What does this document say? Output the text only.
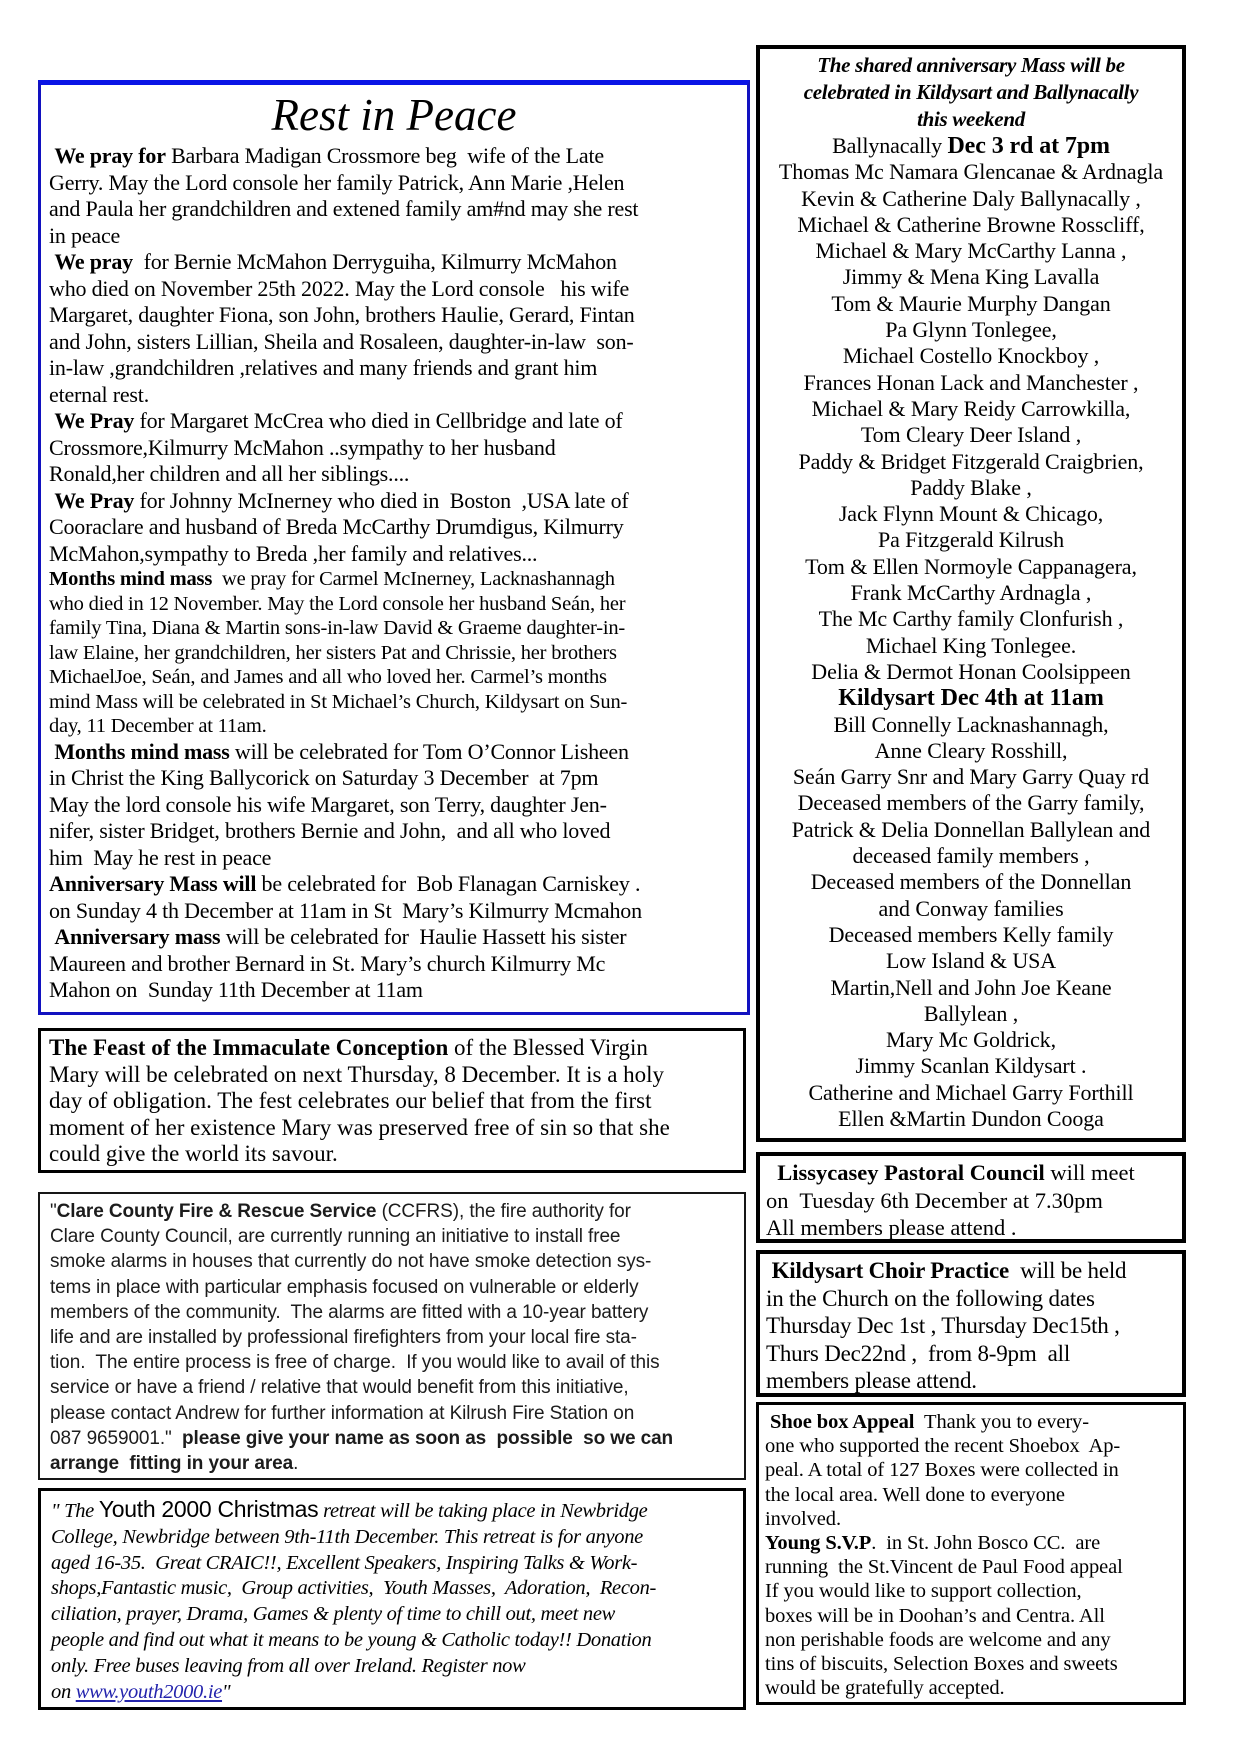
Rest in Peace
We pray for Barbara Madigan Crossmore beg  wife of the Late
Gerry. May the Lord console her family Patrick, Ann Marie ,Helen
and Paula her grandchildren and extened family am#nd may she rest
in peace
We pray  for Bernie McMahon Derryguiha, Kilmurry McMahon
who died on November 25th 2022. May the Lord console   his wife
Margaret, daughter Fiona, son John, brothers Haulie, Gerard, Fintan
and John, sisters Lillian, Sheila and Rosaleen, daughter-in-law  son-
in-law ,grandchildren ,relatives and many friends and grant him
eternal rest.
We Pray for Margaret McCrea who died in Cellbridge and late of
Crossmore,Kilmurry McMahon ..sympathy to her husband
Ronald,her children and all her siblings....
We Pray for Johnny McInerney who died in  Boston  ,USA late of
Cooraclare and husband of Breda McCarthy Drumdigus, Kilmurry
McMahon,sympathy to Breda ,her family and relatives...
Months mind mass  we pray for Carmel McInerney, Lacknashannagh
who died in 12 November. May the Lord console her husband Seán, her
family Tina, Diana & Martin sons-in-law David & Graeme daughter-in-
law Elaine, her grandchildren, her sisters Pat and Chrissie, her brothers
MichaelJoe, Seán, and James and all who loved her. Carmel’s months
mind Mass will be celebrated in St Michael’s Church, Kildysart on Sun-
day, 11 December at 11am.
Months mind mass will be celebrated for Tom O’Connor Lisheen
in Christ the King Ballycorick on Saturday 3 December  at 7pm
May the lord console his wife Margaret, son Terry, daughter Jen-
nifer, sister Bridget, brothers Bernie and John,  and all who loved
him  May he rest in peace
Anniversary Mass will be celebrated for  Bob Flanagan Carniskey .
on Sunday 4 th December at 11am in St  Mary’s Kilmurry Mcmahon
Anniversary mass will be celebrated for  Haulie Hassett his sister
Maureen and brother Bernard in St. Mary’s church Kilmurry Mc
Mahon on  Sunday 11th December at 11am
The Feast of the Immaculate Conception of the Blessed Virgin
Mary will be celebrated on next Thursday, 8 December. It is a holy
day of obligation. The fest celebrates our belief that from the first
moment of her existence Mary was preserved free of sin so that she
could give the world its savour.
"Clare County Fire & Rescue Service (CCFRS), the fire authority for
Clare County Council, are currently running an initiative to install free
smoke alarms in houses that currently do not have smoke detection sys-
tems in place with particular emphasis focused on vulnerable or elderly
members of the community.  The alarms are fitted with a 10-year battery
life and are installed by professional firefighters from your local fire sta-
tion.  The entire process is free of charge.  If you would like to avail of this
service or have a friend / relative that would benefit from this initiative,
please contact Andrew for further information at Kilrush Fire Station on
087 9659001."  please give your name as soon as  possible  so we can
arrange  fitting in your area.
" The Youth 2000 Christmas retreat will be taking place in Newbridge
College, Newbridge between 9th-11th December. This retreat is for anyone
aged 16-35.  Great CRAIC!!, Excellent Speakers, Inspiring Talks & Work-
shops,Fantastic music,  Group activities,  Youth Masses,  Adoration,  Recon-
ciliation, prayer, Drama, Games & plenty of time to chill out, meet new
people and find out what it means to be young & Catholic today!! Donation
only. Free buses leaving from all over Ireland. Register now
on www.youth2000.ie"
The shared anniversary Mass will be
celebrated in Kildysart and Ballynacally
this weekend
Ballynacally Dec 3 rd at 7pm
Thomas Mc Namara Glencanae & Ardnagla
Kevin & Catherine Daly Ballynacally ,
Michael & Catherine Browne Rosscliff,
Michael & Mary McCarthy Lanna ,
Jimmy & Mena King Lavalla
Tom & Maurie Murphy Dangan
Pa Glynn Tonlegee,
Michael Costello Knockboy ,
Frances Honan Lack and Manchester ,
Michael & Mary Reidy Carrowkilla,
Tom Cleary Deer Island ,
Paddy & Bridget Fitzgerald Craigbrien,
Paddy Blake ,
Jack Flynn Mount & Chicago,
Pa Fitzgerald Kilrush
Tom & Ellen Normoyle Cappanagera,
Frank McCarthy Ardnagla ,
The Mc Carthy family Clonfurish ,
Michael King Tonlegee.
Delia & Dermot Honan Coolsippeen
Kildysart Dec 4th at 11am
Bill Connelly Lacknashannagh,
Anne Cleary Rosshill,
Seán Garry Snr and Mary Garry Quay rd
Deceased members of the Garry family,
Patrick & Delia Donnellan Ballylean and
deceased family members ,
Deceased members of the Donnellan
and Conway families
Deceased members Kelly family
Low Island & USA
Martin,Nell and John Joe Keane
Ballylean ,
Mary Mc Goldrick,
Jimmy Scanlan Kildysart .
Catherine and Michael Garry Forthill
Ellen &Martin Dundon Cooga
Lissycasey Pastoral Council will meet
on  Tuesday 6th December at 7.30pm
All members please attend .
Kildysart Choir Practice  will be held
in the Church on the following dates
Thursday Dec 1st , Thursday Dec15th ,
Thurs Dec22nd ,  from 8-9pm  all
members please attend.
Shoe box Appeal  Thank you to every-
one who supported the recent Shoebox  Ap-
peal. A total of 127 Boxes were collected in
the local area. Well done to everyone
involved.
Young S.V.P.  in St. John Bosco CC.  are
running  the St.Vincent de Paul Food appeal
If you would like to support collection,
boxes will be in Doohan’s and Centra. All
non perishable foods are welcome and any
tins of biscuits, Selection Boxes and sweets
would be gratefully accepted.
